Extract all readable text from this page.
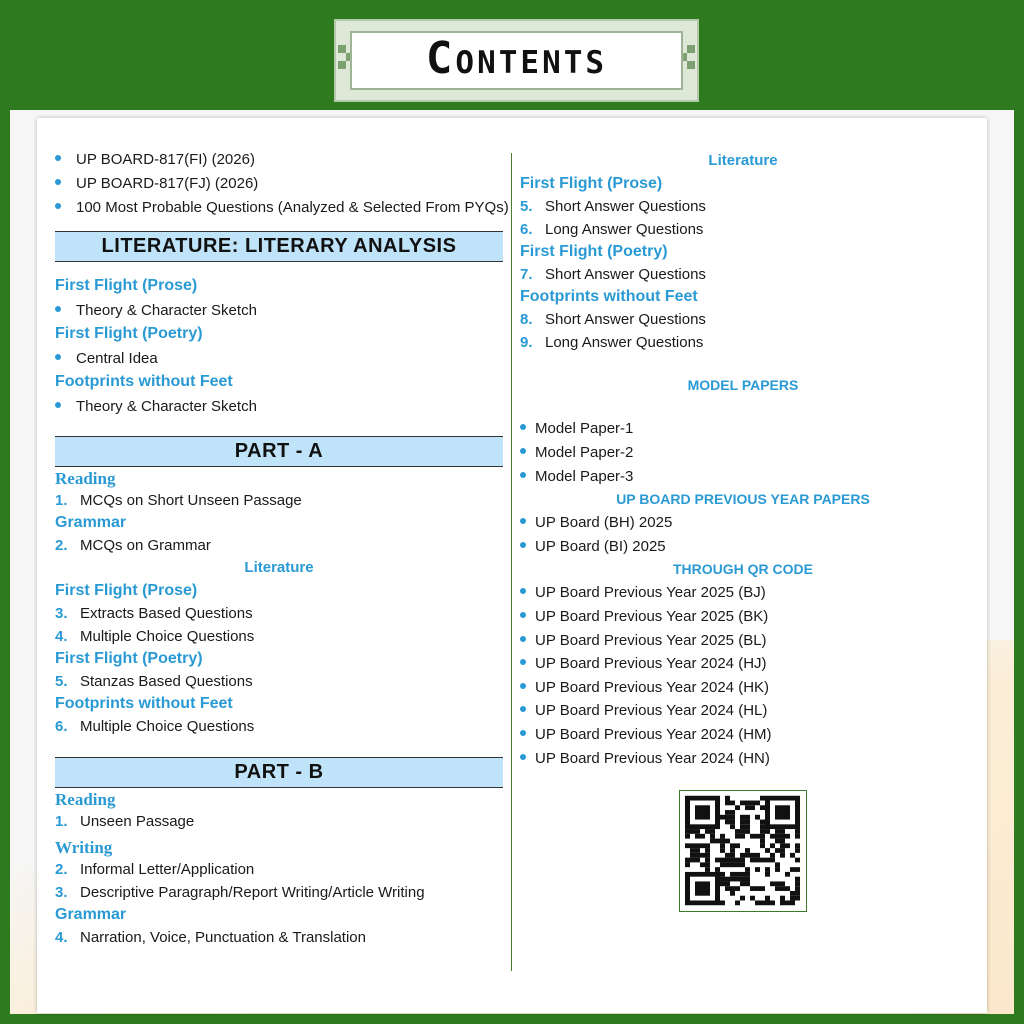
Contents
UP BOARD-817(FI) (2026)
UP BOARD-817(FJ) (2026)
100 Most Probable Questions (Analyzed & Selected From PYQs)
LITERATURE: LITERARY ANALYSIS
First Flight (Prose)
Theory & Character Sketch
First Flight (Poetry)
Central Idea
Footprints without Feet
Theory & Character Sketch
PART - A
Reading
1. MCQs on Short Unseen Passage
Grammar
2. MCQs on Grammar
Literature
First Flight (Prose)
3. Extracts Based Questions
4. Multiple Choice Questions
First Flight (Poetry)
5. Stanzas Based Questions
Footprints without Feet
6. Multiple Choice Questions
PART - B
Reading
1. Unseen Passage
Writing
2. Informal Letter/Application
3. Descriptive Paragraph/Report Writing/Article Writing
Grammar
4. Narration, Voice, Punctuation & Translation
Literature
First Flight (Prose)
5. Short Answer Questions
6. Long Answer Questions
First Flight (Poetry)
7. Short Answer Questions
Footprints without Feet
8. Short Answer Questions
9. Long Answer Questions
MODEL PAPERS
Model Paper-1
Model Paper-2
Model Paper-3
UP BOARD PREVIOUS YEAR PAPERS
UP Board (BH) 2025
UP Board (BI) 2025
THROUGH QR CODE
UP Board Previous Year 2025 (BJ)
UP Board Previous Year 2025 (BK)
UP Board Previous Year 2025 (BL)
UP Board Previous Year 2024 (HJ)
UP Board Previous Year 2024 (HK)
UP Board Previous Year 2024 (HL)
UP Board Previous Year 2024 (HM)
UP Board Previous Year 2024 (HN)
